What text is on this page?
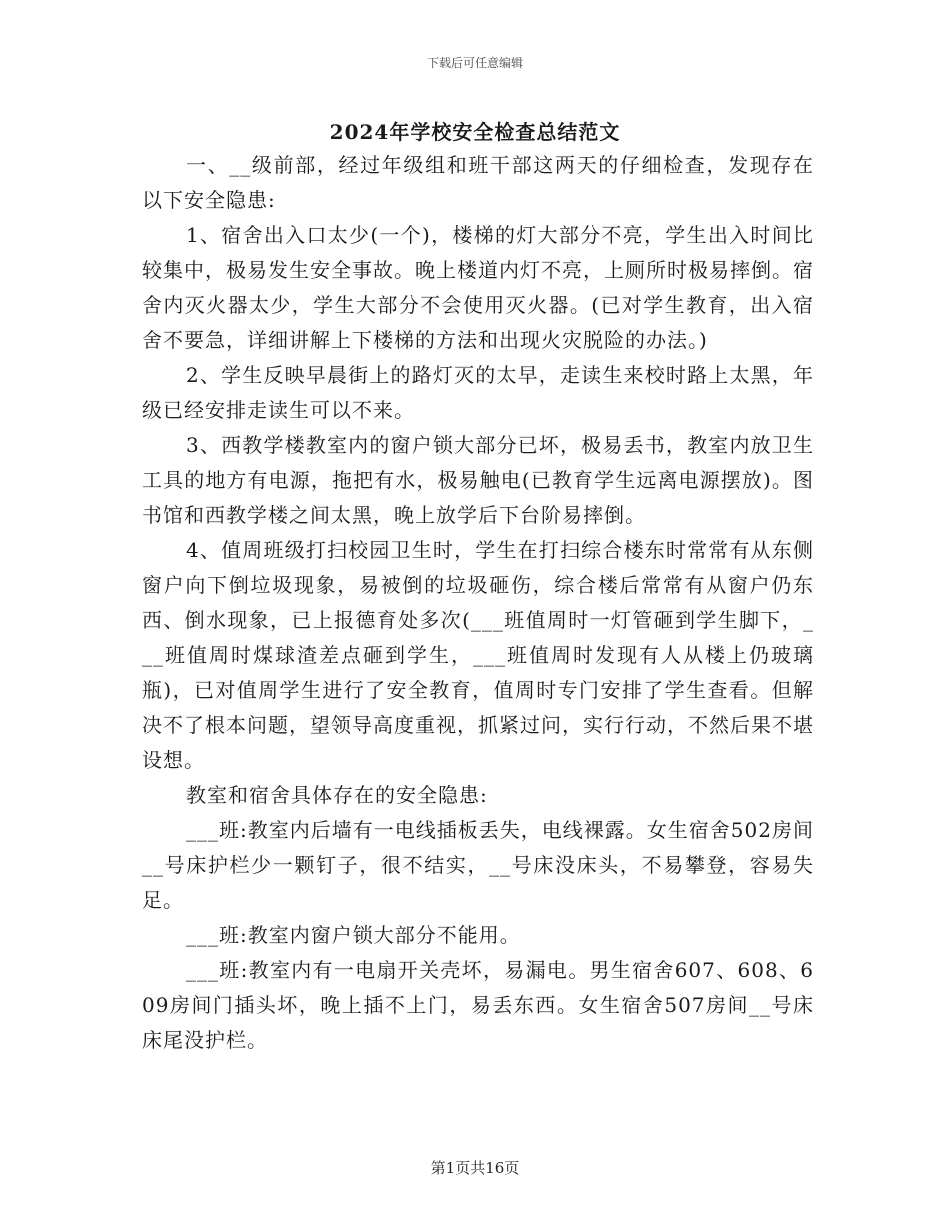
下载后可任意编辑
2024年学校安全检查总结范文

一、__级前部，经过年级组和班干部这两天的仔细检查，发现存在以下安全隐患:

1、宿舍出入口太少(一个)，楼梯的灯大部分不亮，学生出入时间比较集中，极易发生安全事故。晚上楼道内灯不亮，上厕所时极易摔倒。宿舍内灭火器太少，学生大部分不会使用灭火器。(已对学生教育，出入宿舍不要急，详细讲解上下楼梯的方法和出现火灾脱险的办法。)

2、学生反映早晨街上的路灯灭的太早，走读生来校时路上太黑，年级已经安排走读生可以不来。

3、西教学楼教室内的窗户锁大部分已坏，极易丢书，教室内放卫生工具的地方有电源，拖把有水，极易触电(已教育学生远离电源摆放)。图书馆和西教学楼之间太黑，晚上放学后下台阶易摔倒。

4、值周班级打扫校园卫生时，学生在打扫综合楼东时常常有从东侧窗户向下倒垃圾现象，易被倒的垃圾砸伤，综合楼后常常有从窗户仍东西、倒水现象，已上报德育处多次(___班值周时一灯管砸到学生脚下，___班值周时煤球渣差点砸到学生，___班值周时发现有人从楼上仍玻璃瓶)，已对值周学生进行了安全教育，值周时专门安排了学生查看。但解决不了根本问题，望领导高度重视，抓紧过问，实行行动，不然后果不堪设想。

教室和宿舍具体存在的安全隐患:

___班:教室内后墙有一电线插板丢失，电线裸露。女生宿舍502房间__号床护栏少一颗钉子，很不结实，__号床没床头，不易攀登，容易失足。

___班:教室内窗户锁大部分不能用。

___班:教室内有一电扇开关壳坏，易漏电。男生宿舍607、608、609房间门插头坏，晚上插不上门，易丢东西。女生宿舍507房间__号床床尾没护栏。

第1页共16页
